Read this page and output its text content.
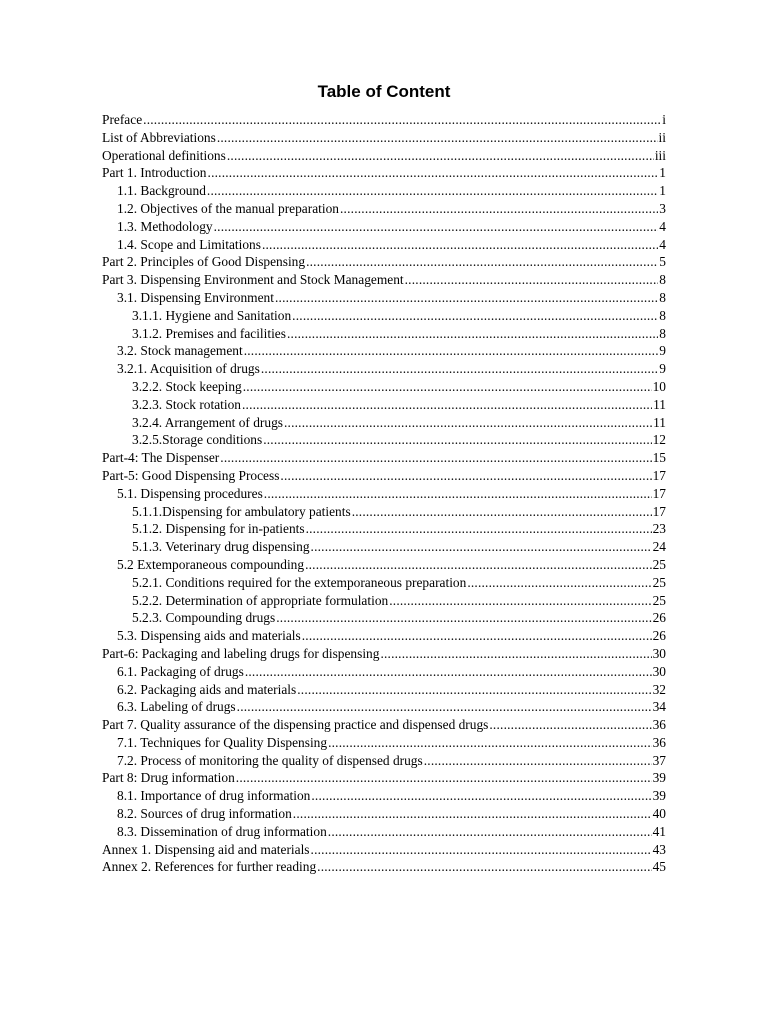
Table of Content
Preface .....	i
List of Abbreviations .....	ii
Operational definitions .....	iii
Part 1. Introduction .....	1
1.1. Background .....	1
1.2. Objectives of the manual preparation .....	3
1.3. Methodology .....	4
1.4. Scope and Limitations .....	4
Part 2. Principles of Good Dispensing .....	5
Part 3. Dispensing Environment and Stock Management .....	8
3.1. Dispensing Environment .....	8
3.1.1. Hygiene and Sanitation .....	8
3.1.2. Premises and facilities .....	8
3.2. Stock management .....	9
3.2.1. Acquisition of drugs .....	9
3.2.2. Stock keeping .....	10
3.2.3. Stock rotation .....	11
3.2.4. Arrangement of drugs .....	11
3.2.5.Storage conditions .....	12
Part-4: The Dispenser .....	15
Part-5: Good Dispensing Process .....	17
5.1. Dispensing procedures .....	17
5.1.1.Dispensing for ambulatory patients .....	17
5.1.2. Dispensing for in-patients .....	23
5.1.3. Veterinary drug dispensing .....	24
5.2 Extemporaneous compounding .....	25
5.2.1. Conditions required for the extemporaneous preparation .....	25
5.2.2. Determination of appropriate formulation .....	25
5.2.3. Compounding drugs .....	26
5.3. Dispensing aids and materials .....	26
Part-6: Packaging and labeling drugs for dispensing .....	30
6.1. Packaging of drugs .....	30
6.2. Packaging aids and materials .....	32
6.3. Labeling of drugs .....	34
Part 7. Quality assurance of the dispensing practice and dispensed drugs .....	36
7.1. Techniques for Quality Dispensing .....	36
7.2. Process of monitoring the quality of dispensed drugs .....	37
Part 8: Drug information .....	39
8.1. Importance of drug information .....	39
8.2. Sources of drug information .....	40
8.3. Dissemination of drug information .....	41
Annex 1. Dispensing aid and materials .....	43
Annex 2. References for further reading .....	45
